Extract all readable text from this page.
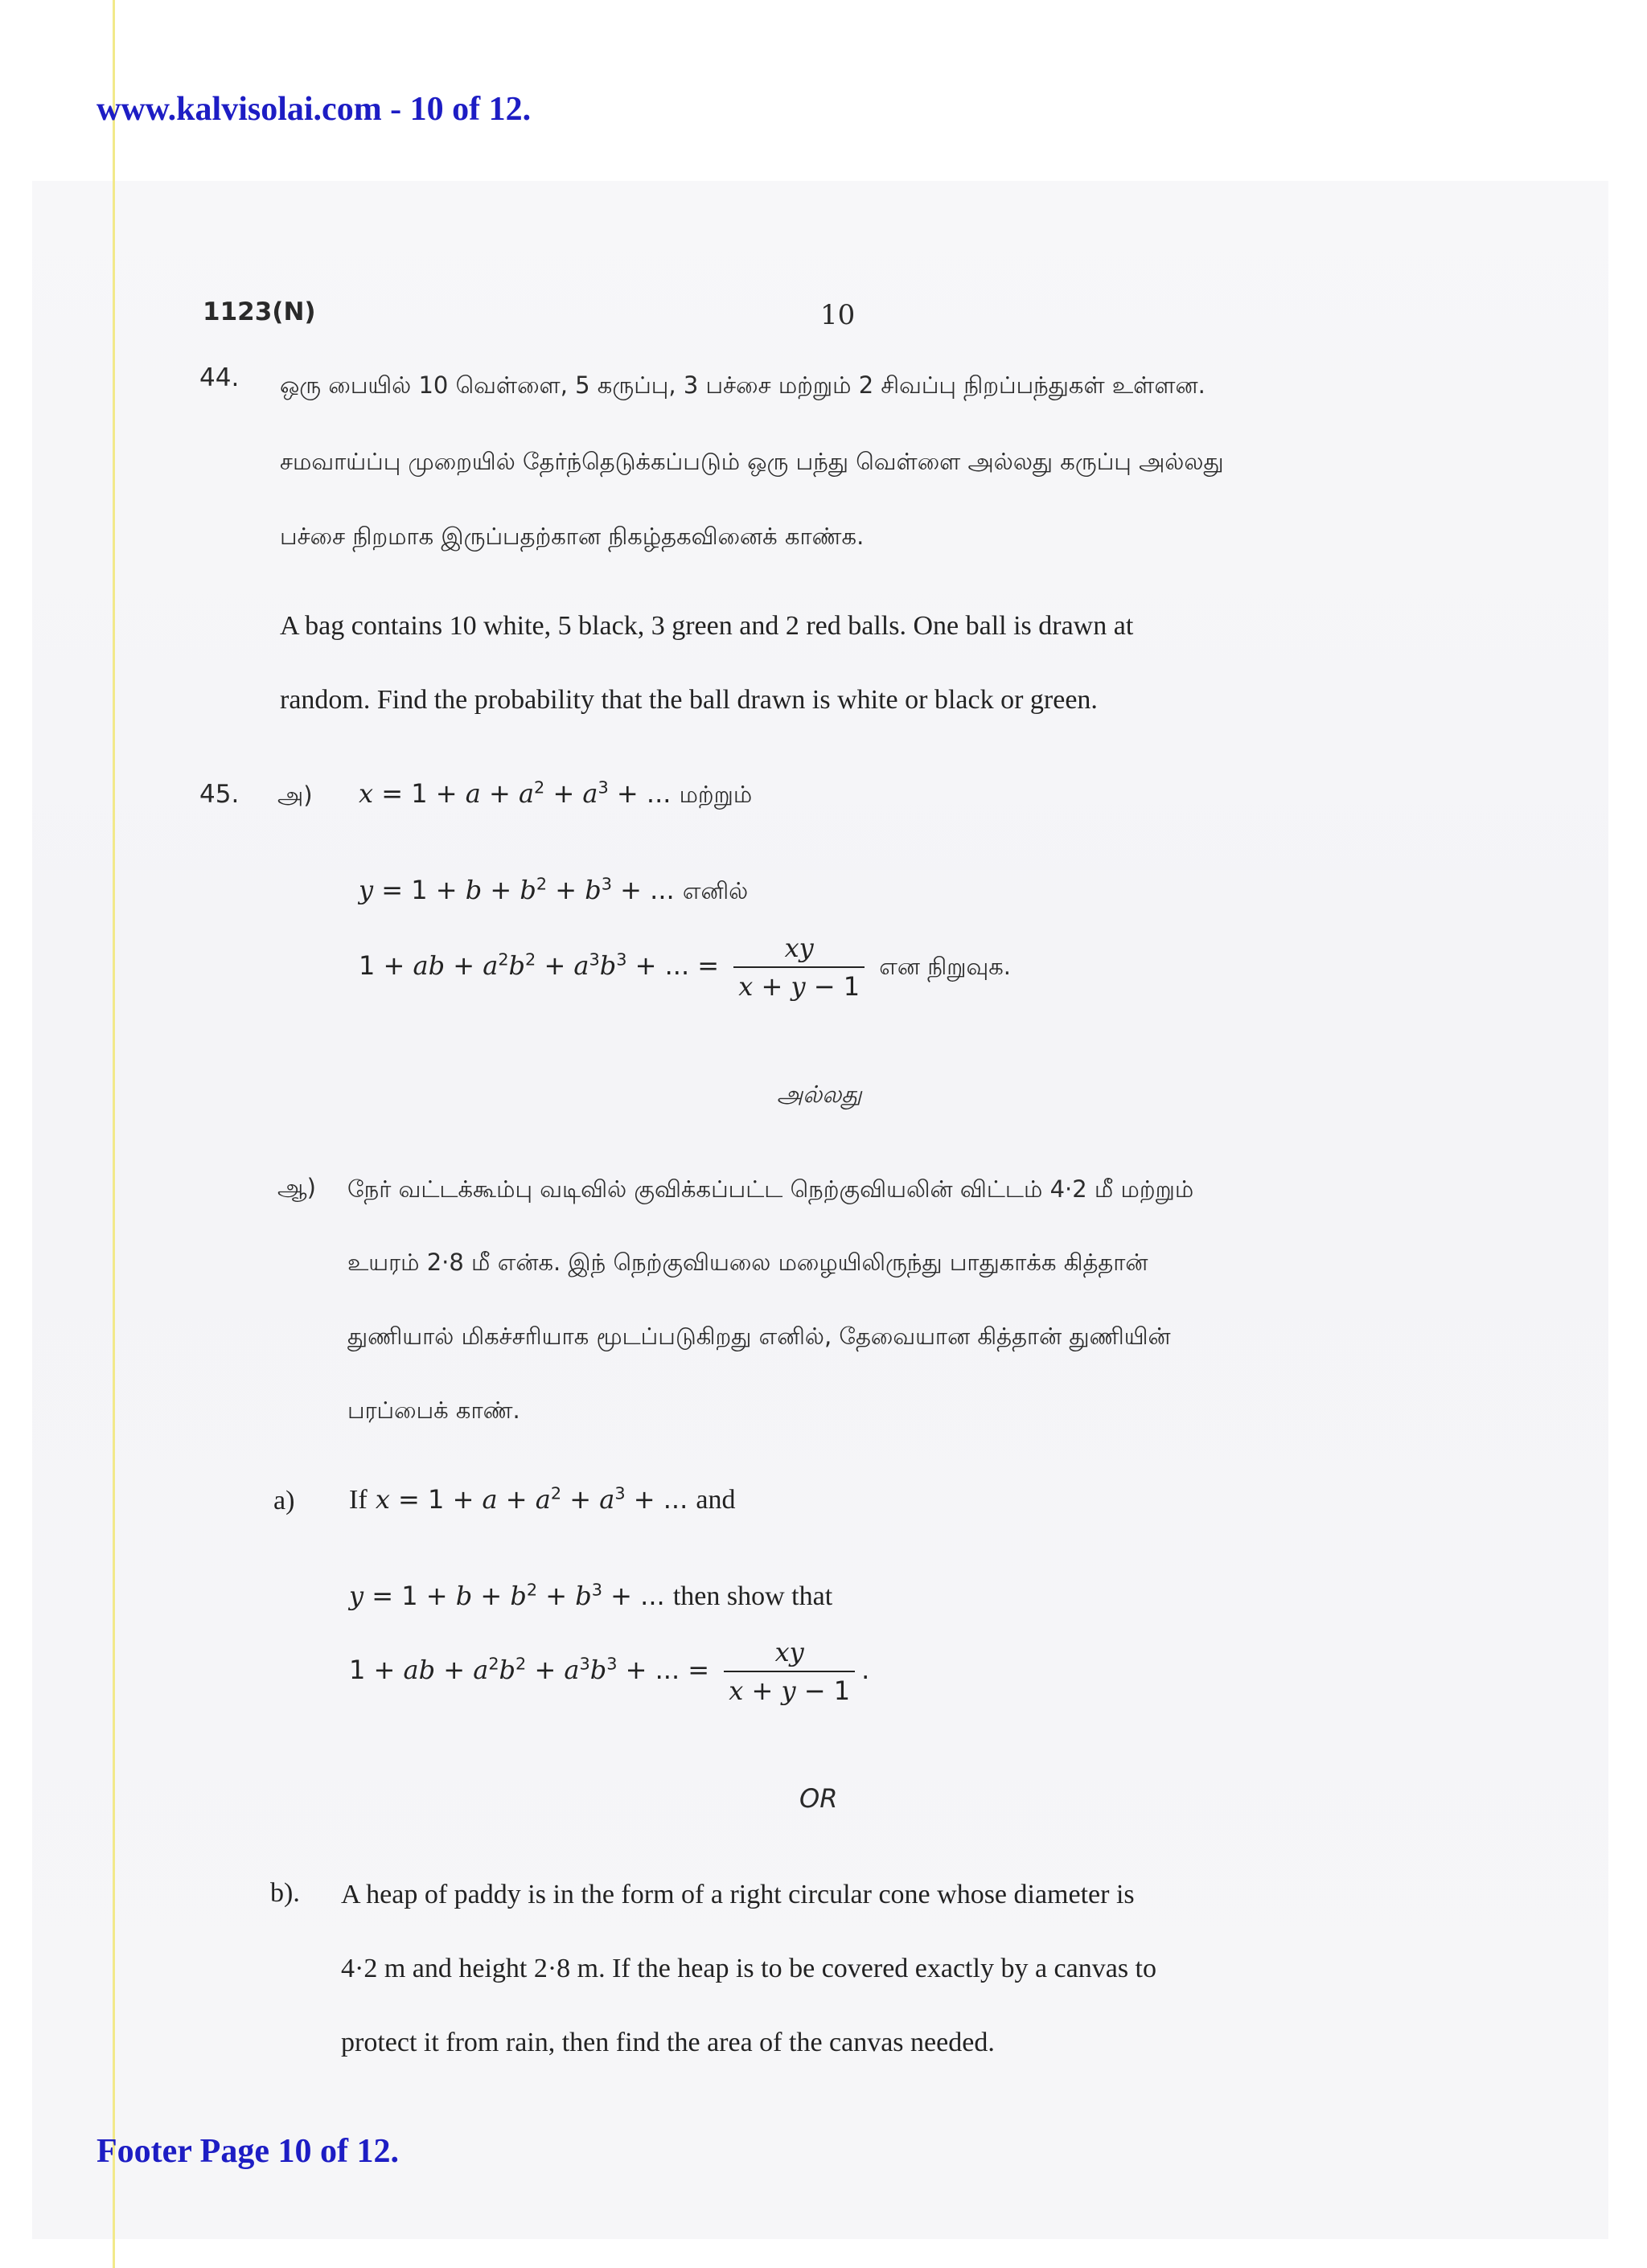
www.kalvisolai.com - 10 of 12.
1123(N)	10
44. ஒரு பையில் 10 வெள்ளை, 5 கருப்பு, 3 பச்சை மற்றும் 2 சிவப்பு நிறப்பந்துகள் உள்ளன.
சமவாய்ப்பு முறையில் தேர்ந்தெடுக்கப்படும் ஒரு பந்து வெள்ளை அல்லது கருப்பு அல்லது
பச்சை நிறமாக இருப்பதற்கான நிகழ்தகவினைக் காண்க.
A bag contains 10 white, 5 black, 3 green and 2 red balls. One ball is drawn at
random. Find the probability that the ball drawn is white or black or green.
45. அ) $x = 1 + a + a^2 + a^3$ + ... மற்றும்
$y = 1 + b + b^2 + b^3$ + ... எனில்
1 + ab + $a^2b^2 + a^3b^3$ + ... = $\frac{xy}{x + y - 1}$ என நிறுவுக.
அல்லது
ஆ) நேர் வட்டக்கூம்பு வடிவில் குவிக்கப்பட்ட நெற்குவியலின் விட்டம் 4·2 மீ மற்றும்
உயரம் 2·8 மீ என்க. இந் நெற்குவியலை மழையிலிருந்து பாதுகாக்க கித்தான்
துணியால் மிகச்சரியாக மூடப்படுகிறது எனில், தேவையான கித்தான் துணியின்
பரப்பைக் காண்.
a) If $x = 1 + a + a^2 + a^3$ + ... and
$y = 1 + b + b^2 + b^3$ + ... then show that
1 + ab + $a^2b^2 + a^3b^3$ + ... = $\frac{xy}{x + y - 1}$ .
OR
b). A heap of paddy is in the form of a right circular cone whose diameter is
4·2 m and height 2·8 m. If the heap is to be covered exactly by a canvas to
protect it from rain, then find the area of the canvas needed.
Footer Page 10 of 12.
